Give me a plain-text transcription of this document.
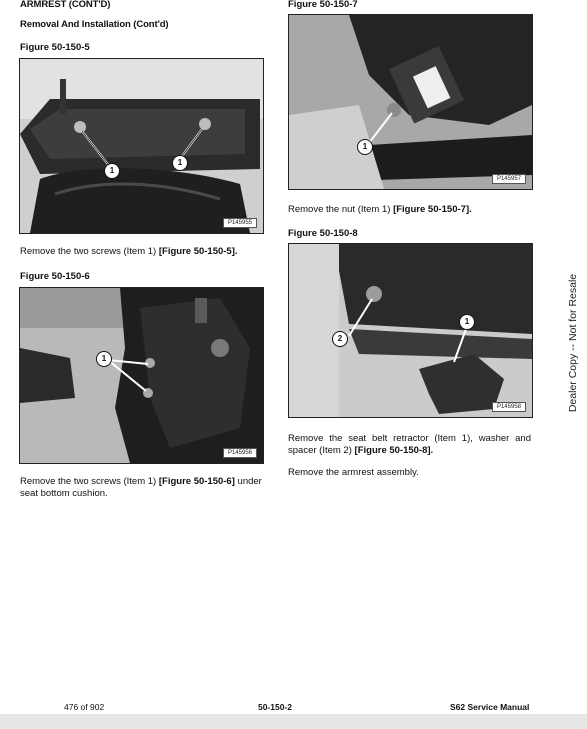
ARMREST (CONT'D)
Removal And Installation (Cont'd)
Figure 50-150-5
1
1
P145955
Remove the two screws (Item 1) [Figure 50-150-5].
Figure 50-150-6
1
P145956
Remove the two screws (Item 1) [Figure 50-150-6] under seat bottom cushion.
Figure 50-150-7
1
P145957
Remove the nut (Item 1) [Figure 50-150-7].
Figure 50-150-8
2
1
P145958
Remove the seat belt retractor (Item 1), washer and spacer (Item 2) [Figure 50-150-8].
Remove the armrest assembly.
Dealer Copy -- Not for Resale
476 of 902	50-150-2	S62 Service Manual
